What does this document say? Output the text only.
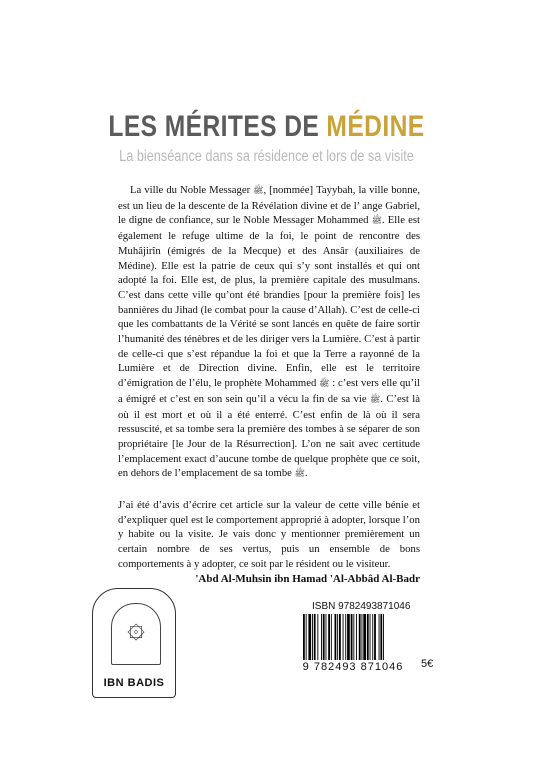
LES MÉRITES DE MÉDINE
La bienséance dans sa résidence et lors de sa visite
La ville du Noble Messager ﷺ, [nommée] Tayybah, la ville bonne, est un lieu de la descente de la Révélation divine et de l’ ange Gabriel, le digne de confiance, sur le Noble Messager Mohammed ﷺ. Elle est également le refuge ultime de la foi, le point de rencontre des Muhâjirîn (émigrés de la Mecque) et des Ansâr (auxiliaires de Médine). Elle est la patrie de ceux qui s’y sont installés et qui ont adopté la foi. Elle est, de plus, la première capitale des musulmans. C’est dans cette ville qu’ont été brandies [pour la première fois] les bannières du Jihad (le combat pour la cause d’Allah). C’est de celle-ci que les combattants de la Vérité se sont lancés en quête de faire sortir l’humanité des ténèbres et de les diriger vers la Lumière. C’est à partir de celle-ci que s’est répandue la foi et que la Terre a rayonné de la Lumière et de Direction divine. Enfin, elle est le territoire d’émigration de l’élu, le prophète Mohammed ﷺ : c’est vers elle qu’il a émigré et c’est en son sein qu’il a vécu la fin de sa vie ﷺ. C’est là où il est mort et où il a été enterré. C’est enfin de là où il sera ressuscité, et sa tombe sera la première des tombes à se séparer de son propriétaire [le Jour de la Résurrection]. L’on ne sait avec certitude l’emplacement exact d’aucune tombe de quelque prophète que ce soit, en dehors de l’emplacement de sa tombe ﷺ.
J’ai été d’avis d’écrire cet article sur la valeur de cette ville bénie et d’expliquer quel est le comportement approprié à adopter, lorsque l’on y habite ou la visite. Je vais donc y mentionner premièrement un certain nombre de ses vertus, puis un ensemble de bons comportements à y adopter, ce soit par le résident ou le visiteur.
'Abd Al-Muhsin ibn Hamad 'Al-Abbâd Al-Badr
۞
IBN BADIS
ISBN 9782493871046
9 782493 871046	5€
